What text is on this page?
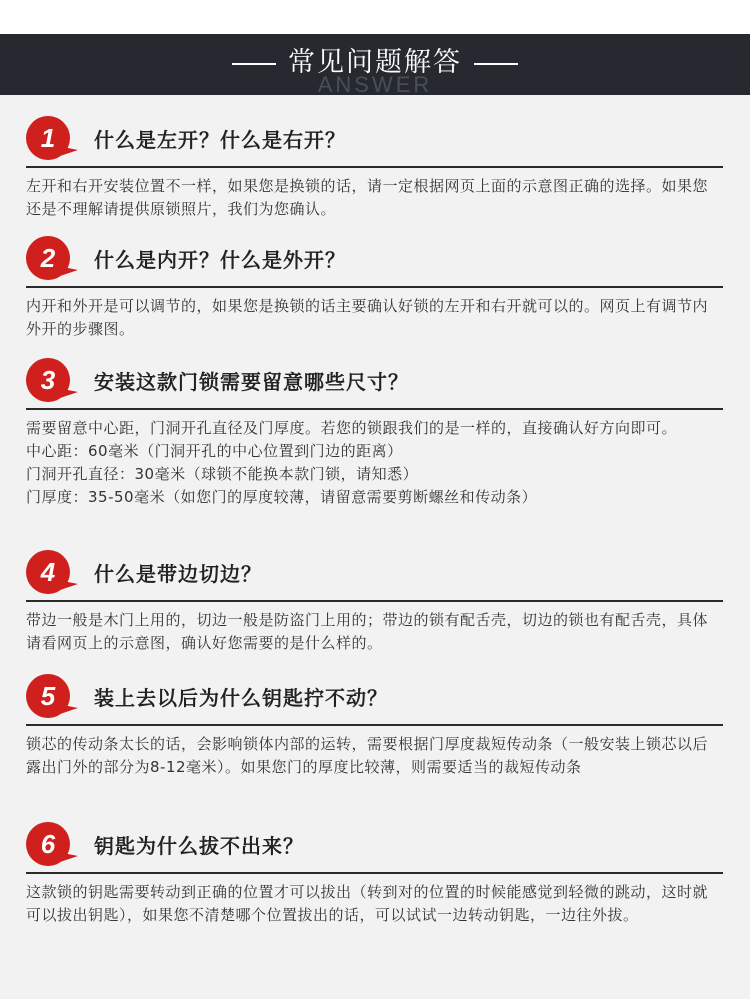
常见问题解答
ANSWER
1	什么是左开？什么是右开？

左开和右开安装位置不一样，如果您是换锁的话，请一定根据网页上面的示意图正确的选择。如果您还是不理解请提供原锁照片，我们为您确认。

2	什么是内开？什么是外开？

内开和外开是可以调节的，如果您是换锁的话主要确认好锁的左开和右开就可以的。网页上有调节内外开的步骤图。

3	安装这款门锁需要留意哪些尺寸？

需要留意中心距，门洞开孔直径及门厚度。若您的锁跟我们的是一样的，直接确认好方向即可。

中心距：60毫米（门洞开孔的中心位置到门边的距离）

门洞开孔直径：30毫米（球锁不能换本款门锁，请知悉）

门厚度：35-50毫米（如您门的厚度较薄，请留意需要剪断螺丝和传动条）

4	什么是带边切边？

带边一般是木门上用的，切边一般是防盗门上用的；带边的锁有配舌壳，切边的锁也有配舌壳，具体请看网页上的示意图，确认好您需要的是什么样的。

5	装上去以后为什么钥匙拧不动？

锁芯的传动条太长的话，会影响锁体内部的运转，需要根据门厚度裁短传动条（一般安装上锁芯以后露出门外的部分为8-12毫米）。如果您门的厚度比较薄，则需要适当的裁短传动条

6	钥匙为什么拔不出来？

这款锁的钥匙需要转动到正确的位置才可以拔出（转到对的位置的时候能感觉到轻微的跳动，这时就可以拔出钥匙），如果您不清楚哪个位置拔出的话，可以试试一边转动钥匙，一边往外拔。
